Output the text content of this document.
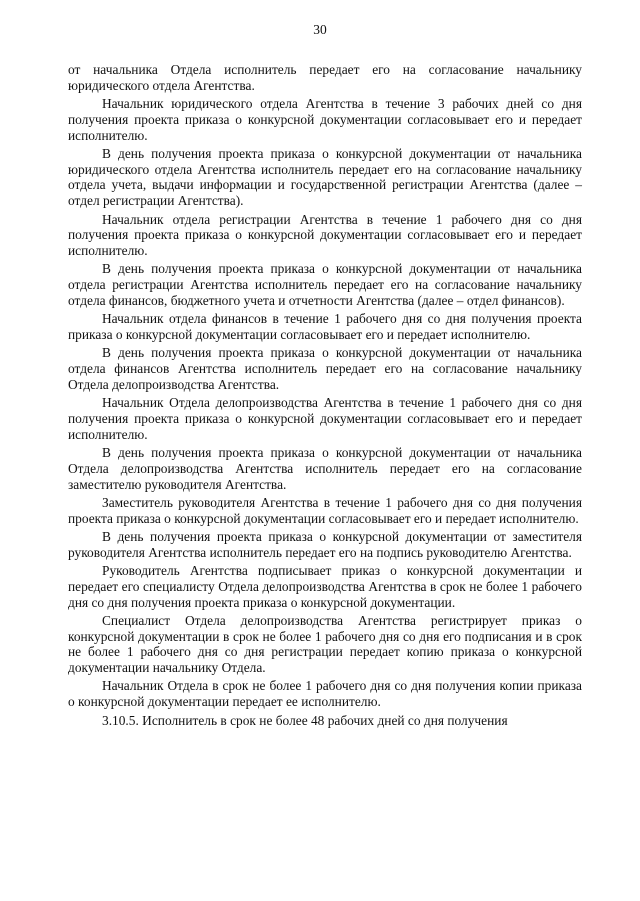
30

от начальника Отдела исполнитель передает его на согласование начальнику юридического отдела Агентства.

Начальник юридического отдела Агентства в течение 3 рабочих дней со дня получения проекта приказа о конкурсной документации согласовывает его и передает исполнителю.

В день получения проекта приказа о конкурсной документации от начальника юридического отдела Агентства исполнитель передает его на согласование начальнику отдела учета, выдачи информации и государственной регистрации Агентства (далее – отдел регистрации Агентства).

Начальник отдела регистрации Агентства в течение 1 рабочего дня со дня получения проекта приказа о конкурсной документации согласовывает его и передает исполнителю.

В день получения проекта приказа о конкурсной документации от начальника отдела регистрации Агентства исполнитель передает его на согласование начальнику отдела финансов, бюджетного учета и отчетности Агентства (далее – отдел финансов).

Начальник отдела финансов в течение 1 рабочего дня со дня получения проекта приказа о конкурсной документации согласовывает его и передает исполнителю.

В день получения проекта приказа о конкурсной документации от начальника отдела финансов Агентства исполнитель передает его на согласование начальнику Отдела делопроизводства Агентства.

Начальник Отдела делопроизводства Агентства в течение 1 рабочего дня со дня получения проекта приказа о конкурсной документации согласовывает его и передает исполнителю.

В день получения проекта приказа о конкурсной документации от начальника Отдела делопроизводства Агентства исполнитель передает его на согласование заместителю руководителя Агентства.

Заместитель руководителя Агентства в течение 1 рабочего дня со дня получения проекта приказа о конкурсной документации согласовывает его и передает исполнителю.

В день получения проекта приказа о конкурсной документации от заместителя руководителя Агентства исполнитель передает его на подпись руководителю Агентства.

Руководитель Агентства подписывает приказ о конкурсной документации и передает его специалисту Отдела делопроизводства Агентства в срок не более 1 рабочего дня со дня получения проекта приказа о конкурсной документации.

Специалист Отдела делопроизводства Агентства регистрирует приказ о конкурсной документации в срок не более 1 рабочего дня со дня его подписания и в срок не более 1 рабочего дня со дня регистрации передает копию приказа о конкурсной документации начальнику Отдела.

Начальник Отдела в срок не более 1 рабочего дня со дня получения копии приказа о конкурсной документации передает ее исполнителю.

3.10.5. Исполнитель в срок не более 48 рабочих дней со дня получения
